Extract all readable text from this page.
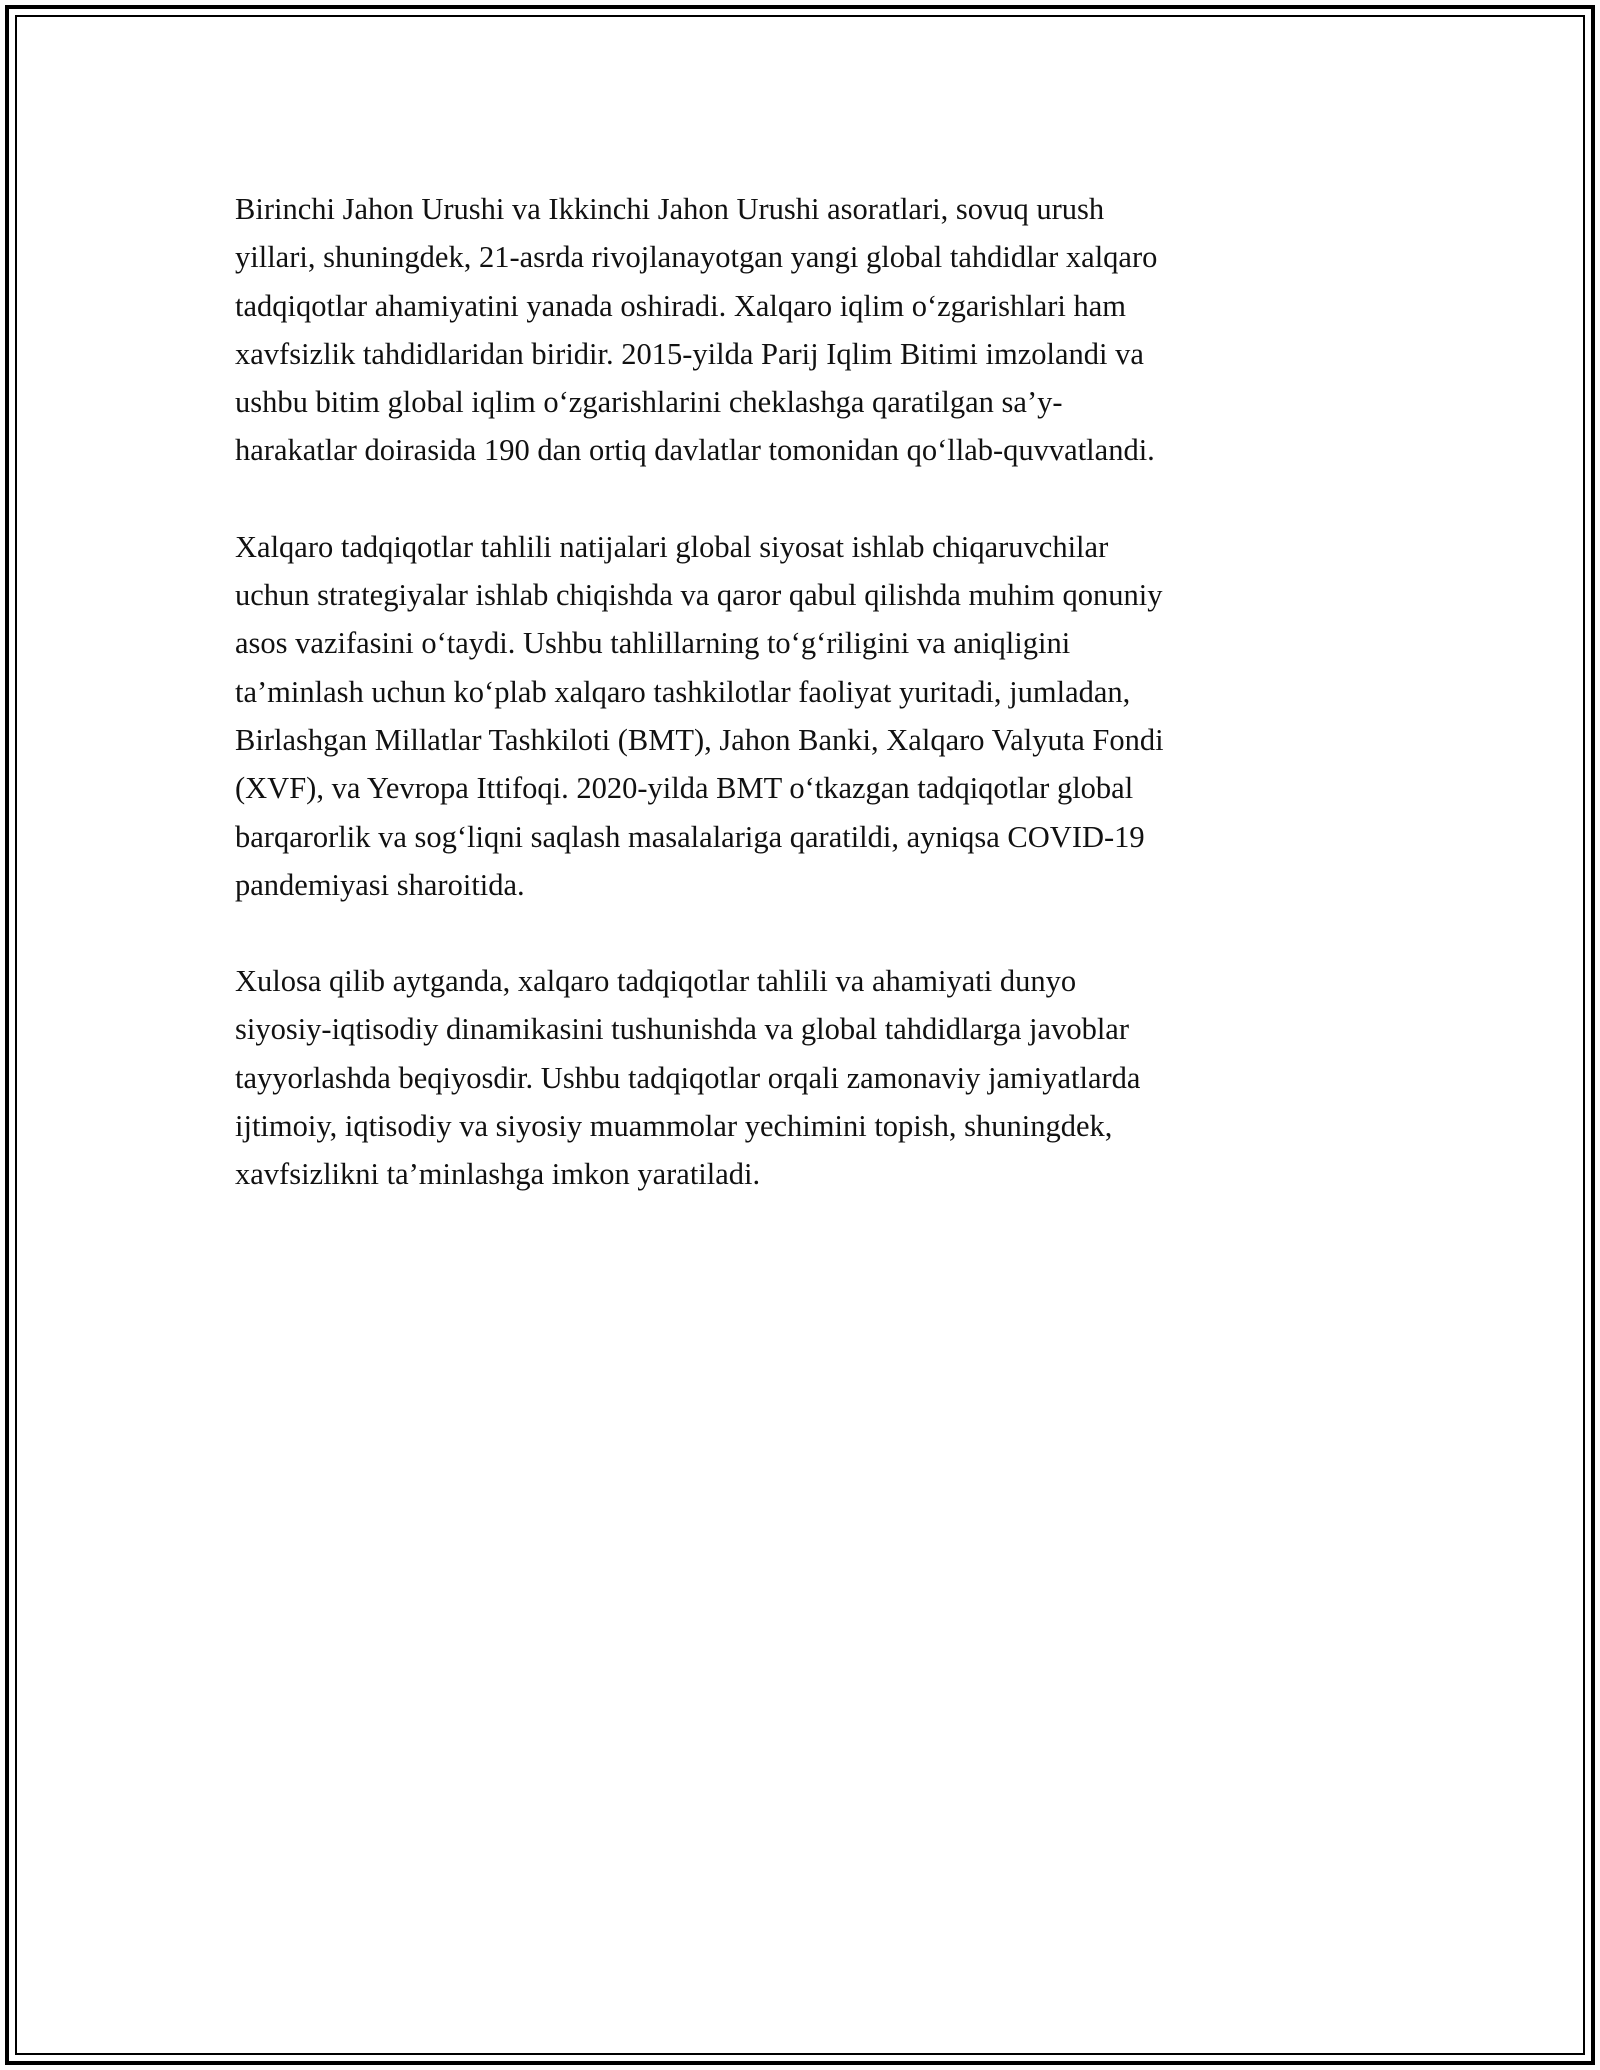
Birinchi Jahon Urushi va Ikkinchi Jahon Urushi asoratlari, sovuq urush
yillari, shuningdek, 21-asrda rivojlanayotgan yangi global tahdidlar xalqaro
tadqiqotlar ahamiyatini yanada oshiradi. Xalqaro iqlim o‘zgarishlari ham
xavfsizlik tahdidlaridan biridir. 2015-yilda Parij Iqlim Bitimi imzolandi va
ushbu bitim global iqlim o‘zgarishlarini cheklashga qaratilgan sa’y-
harakatlar doirasida 190 dan ortiq davlatlar tomonidan qo‘llab-quvvatlandi.

Xalqaro tadqiqotlar tahlili natijalari global siyosat ishlab chiqaruvchilar
uchun strategiyalar ishlab chiqishda va qaror qabul qilishda muhim qonuniy
asos vazifasini o‘taydi. Ushbu tahlillarning to‘g‘riligini va aniqligini
ta’minlash uchun ko‘plab xalqaro tashkilotlar faoliyat yuritadi, jumladan,
Birlashgan Millatlar Tashkiloti (BMT), Jahon Banki, Xalqaro Valyuta Fondi
(XVF), va Yevropa Ittifoqi. 2020-yilda BMT o‘tkazgan tadqiqotlar global
barqarorlik va sog‘liqni saqlash masalalariga qaratildi, ayniqsa COVID-19
pandemiyasi sharoitida.

Xulosa qilib aytganda, xalqaro tadqiqotlar tahlili va ahamiyati dunyo
siyosiy-iqtisodiy dinamikasini tushunishda va global tahdidlarga javoblar
tayyorlashda beqiyosdir. Ushbu tadqiqotlar orqali zamonaviy jamiyatlarda
ijtimoiy, iqtisodiy va siyosiy muammolar yechimini topish, shuningdek,
xavfsizlikni ta’minlashga imkon yaratiladi.
